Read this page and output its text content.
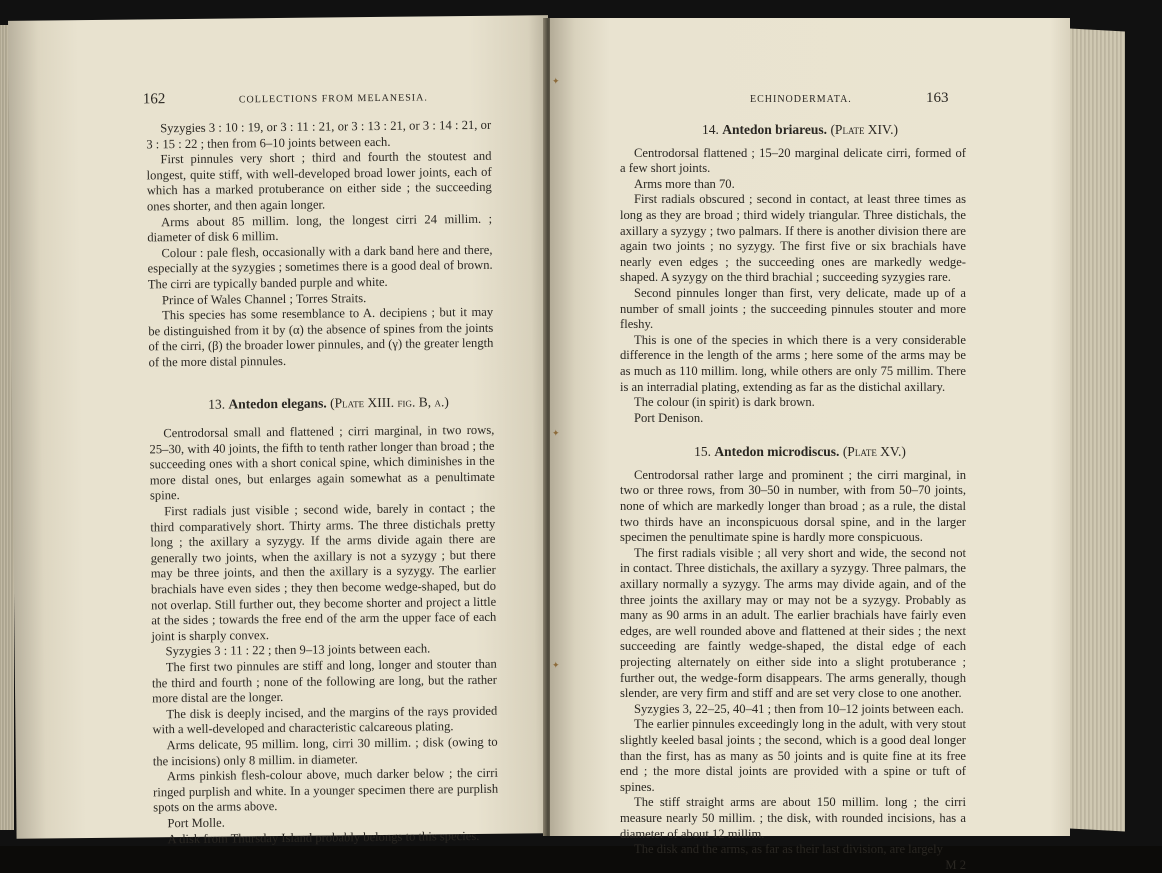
162	COLLECTIONS FROM MELANESIA.

Syzygies 3 : 10 : 19, or 3 : 11 : 21, or 3 : 13 : 21, or 3 : 14 : 21, or 3 : 15 : 22 ; then from 6–10 joints between each.

First pinnules very short ; third and fourth the stoutest and longest, quite stiff, with well-developed broad lower joints, each of which has a marked protuberance on either side ; the succeeding ones shorter, and then again longer.

Arms about 85 millim. long, the longest cirri 24 millim. ; diameter of disk 6 millim.

Colour : pale flesh, occasionally with a dark band here and there, especially at the syzygies ; sometimes there is a good deal of brown. The cirri are typically banded purple and white.

Prince of Wales Channel ; Torres Straits.

This species has some resemblance to A. decipiens ; but it may be distinguished from it by (α) the absence of spines from the joints of the cirri, (β) the broader lower pinnules, and (γ) the greater length of the more distal pinnules.

13. Antedon elegans. (Plate XIII. fig. B, a.)

Centrodorsal small and flattened ; cirri marginal, in two rows, 25–30, with 40 joints, the fifth to tenth rather longer than broad ; the succeeding ones with a short conical spine, which diminishes in the more distal ones, but enlarges again somewhat as a penultimate spine.

First radials just visible ; second wide, barely in contact ; the third comparatively short. Thirty arms. The three distichals pretty long ; the axillary a syzygy. If the arms divide again there are generally two joints, when the axillary is not a syzygy ; but there may be three joints, and then the axillary is a syzygy. The earlier brachials have even sides ; they then become wedge-shaped, but do not overlap. Still further out, they become shorter and project a little at the sides ; towards the free end of the arm the upper face of each joint is sharply convex.

Syzygies 3 : 11 : 22 ; then 9–13 joints between each.

The first two pinnules are stiff and long, longer and stouter than the third and fourth ; none of the following are long, but the rather more distal are the longer.

The disk is deeply incised, and the margins of the rays provided with a well-developed and characteristic calcareous plating.

Arms delicate, 95 millim. long, cirri 30 millim. ; disk (owing to the incisions) only 8 millim. in diameter.

Arms pinkish flesh-colour above, much darker below ; the cirri ringed purplish and white. In a younger specimen there are purplish spots on the arms above.

Port Molle.

A disk from Thursday Island probably belongs to this species.

ECHINODERMATA.	163
✦
✦
✦

14. Antedon briareus. (Plate XIV.)

Centrodorsal flattened ; 15–20 marginal delicate cirri, formed of a few short joints.

Arms more than 70.

First radials obscured ; second in contact, at least three times as long as they are broad ; third widely triangular. Three distichals, the axillary a syzygy ; two palmars. If there is another division there are again two joints ; no syzygy. The first five or six brachials have nearly even edges ; the succeeding ones are markedly wedge-shaped. A syzygy on the third brachial ; succeeding syzygies rare.

Second pinnules longer than first, very delicate, made up of a number of small joints ; the succeeding pinnules stouter and more fleshy.

This is one of the species in which there is a very considerable difference in the length of the arms ; here some of the arms may be as much as 110 millim. long, while others are only 75 millim. There is an interradial plating, extending as far as the distichal axillary.

The colour (in spirit) is dark brown.

Port Denison.

15. Antedon microdiscus. (Plate XV.)

Centrodorsal rather large and prominent ; the cirri marginal, in two or three rows, from 30–50 in number, with from 50–70 joints, none of which are markedly longer than broad ; as a rule, the distal two thirds have an inconspicuous dorsal spine, and in the larger specimen the penultimate spine is hardly more conspicuous.

The first radials visible ; all very short and wide, the second not in contact. Three distichals, the axillary a syzygy. Three palmars, the axillary normally a syzygy. The arms may divide again, and of the three joints the axillary may or may not be a syzygy. Probably as many as 90 arms in an adult. The earlier brachials have fairly even edges, are well rounded above and flattened at their sides ; the next succeeding are faintly wedge-shaped, the distal edge of each projecting alternately on either side into a slight protuberance ; further out, the wedge-form disappears. The arms generally, though slender, are very firm and stiff and are set very close to one another.

Syzygies 3, 22–25, 40–41 ; then from 10–12 joints between each.

The earlier pinnules exceedingly long in the adult, with very stout slightly keeled basal joints ; the second, which is a good deal longer than the first, has as many as 50 joints and is quite fine at its free end ; the more distal joints are provided with a spine or tuft of spines.

The stiff straight arms are about 150 millim. long ; the cirri measure nearly 50 millim. ; the disk, with rounded incisions, has a diameter of about 12 millim.

The disk and the arms, as far as their last division, are largely

M 2
